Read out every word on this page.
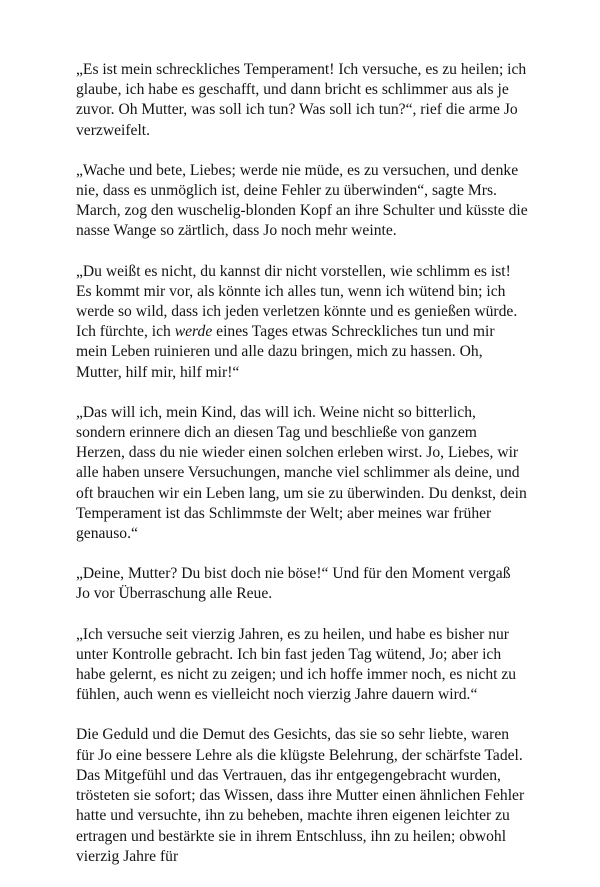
„Es ist mein schreckliches Temperament! Ich versuche, es zu heilen; ich glaube, ich habe es geschafft, und dann bricht es schlimmer aus als je zuvor. Oh Mutter, was soll ich tun? Was soll ich tun?“, rief die arme Jo verzweifelt.

„Wache und bete, Liebes; werde nie müde, es zu versuchen, und denke nie, dass es unmöglich ist, deine Fehler zu überwinden“, sagte Mrs. March, zog den wuschelig-blonden Kopf an ihre Schulter und küsste die nasse Wange so zärtlich, dass Jo noch mehr weinte.

„Du weißt es nicht, du kannst dir nicht vorstellen, wie schlimm es ist! Es kommt mir vor, als könnte ich alles tun, wenn ich wütend bin; ich werde so wild, dass ich jeden verletzen könnte und es genießen würde. Ich fürchte, ich werde eines Tages etwas Schreckliches tun und mir mein Leben ruinieren und alle dazu bringen, mich zu hassen. Oh, Mutter, hilf mir, hilf mir!“

„Das will ich, mein Kind, das will ich. Weine nicht so bitterlich, sondern erinnere dich an diesen Tag und beschließe von ganzem Herzen, dass du nie wieder einen solchen erleben wirst. Jo, Liebes, wir alle haben unsere Versuchungen, manche viel schlimmer als deine, und oft brauchen wir ein Leben lang, um sie zu überwinden. Du denkst, dein Temperament ist das Schlimmste der Welt; aber meines war früher genauso.“

„Deine, Mutter? Du bist doch nie böse!“ Und für den Moment vergaß Jo vor Überraschung alle Reue.

„Ich versuche seit vierzig Jahren, es zu heilen, und habe es bisher nur unter Kontrolle gebracht. Ich bin fast jeden Tag wütend, Jo; aber ich habe gelernt, es nicht zu zeigen; und ich hoffe immer noch, es nicht zu fühlen, auch wenn es vielleicht noch vierzig Jahre dauern wird.“

Die Geduld und die Demut des Gesichts, das sie so sehr liebte, waren für Jo eine bessere Lehre als die klügste Belehrung, der schärfste Tadel. Das Mitgefühl und das Vertrauen, das ihr entgegengebracht wurden, trösteten sie sofort; das Wissen, dass ihre Mutter einen ähnlichen Fehler hatte und versuchte, ihn zu beheben, machte ihren eigenen leichter zu ertragen und bestärkte sie in ihrem Entschluss, ihn zu heilen; obwohl vierzig Jahre für
